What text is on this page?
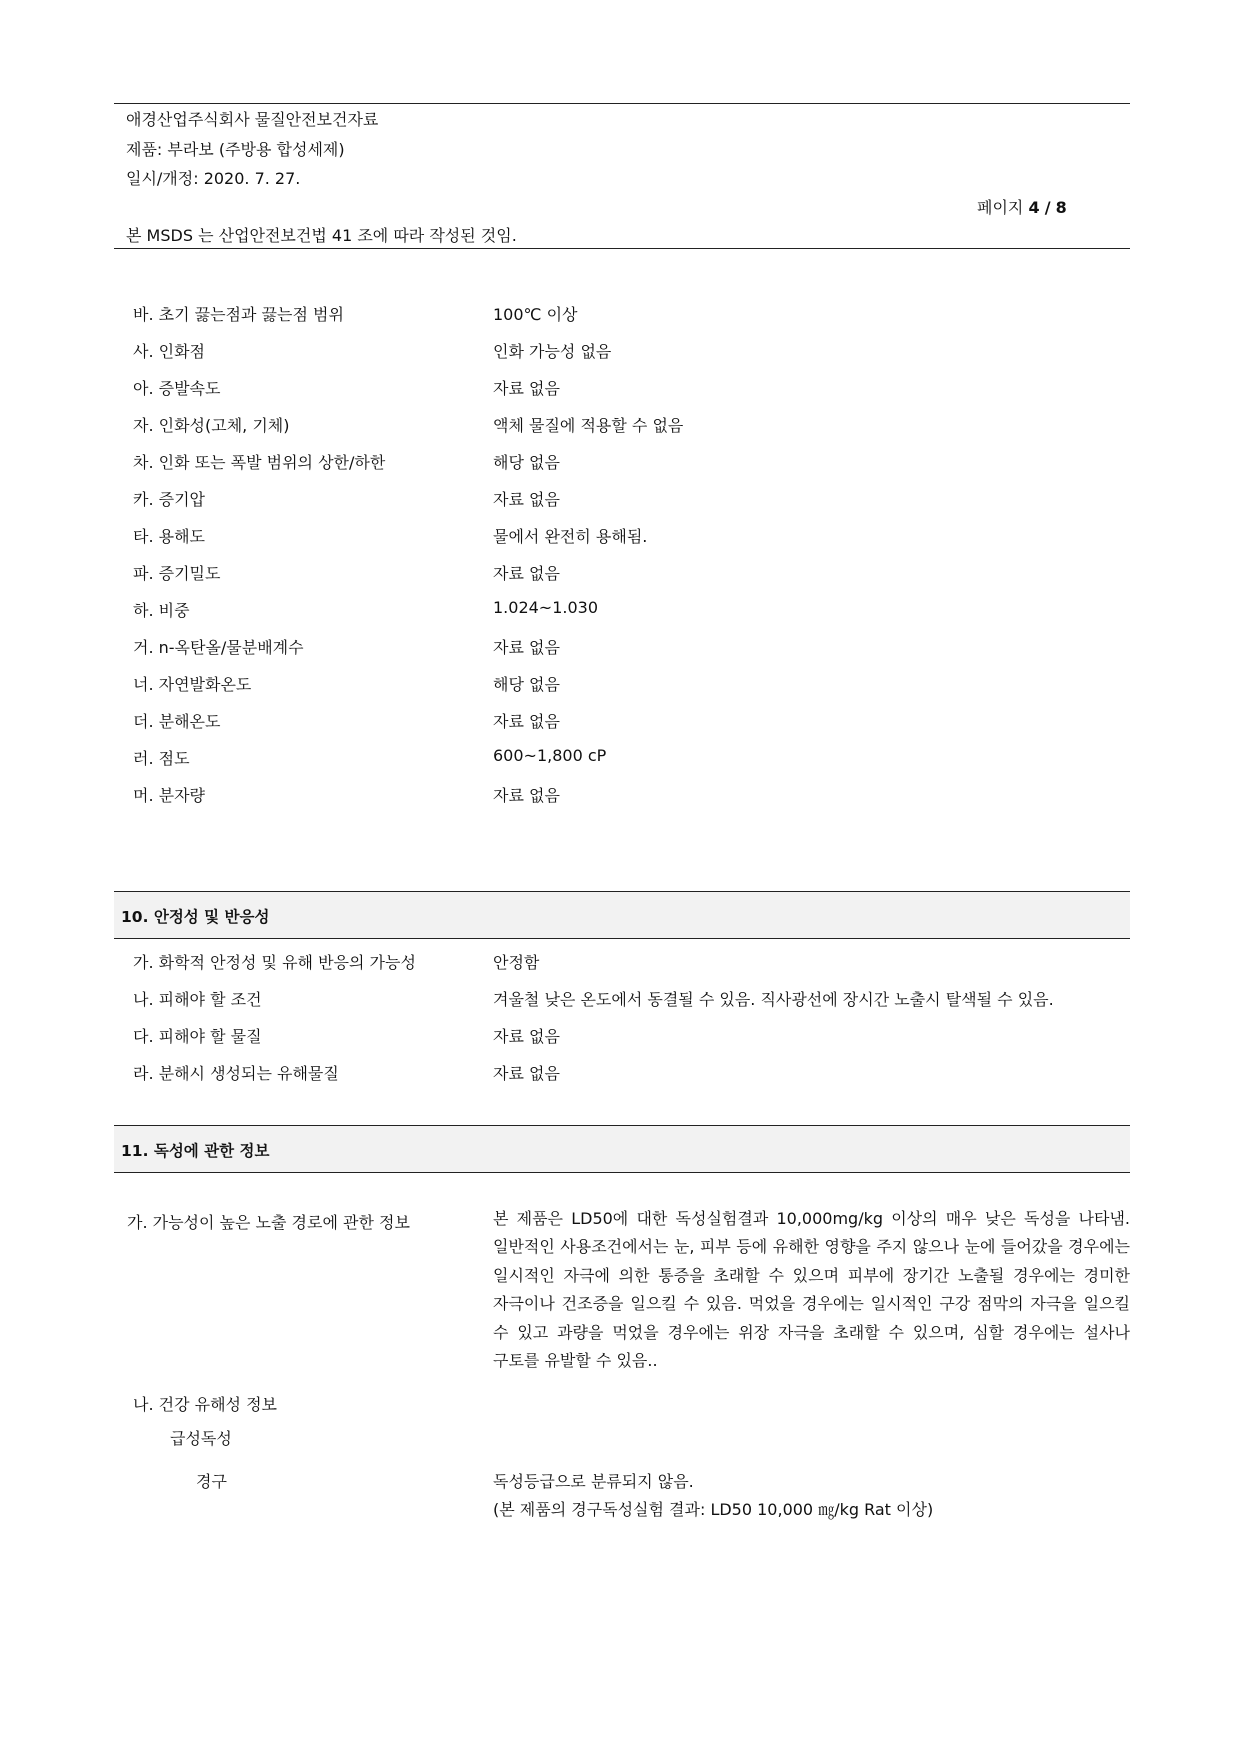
애경산업주식회사 물질안전보건자료
제품: 부라보 (주방용 합성세제)
일시/개정: 2020. 7. 27.
페이지 4 / 8
본 MSDS 는 산업안전보건법 41 조에 따라 작성된 것임.
바. 초기 끓는점과 끓는점 범위	100℃ 이상
사. 인화점	인화 가능성 없음
아. 증발속도	자료 없음
자. 인화성(고체, 기체)	액체 물질에 적용할 수 없음
차. 인화 또는 폭발 범위의 상한/하한	해당 없음
카. 증기압	자료 없음
타. 용해도	물에서 완전히 용해됨.
파. 증기밀도	자료 없음
하. 비중	1.024~1.030
거. n-옥탄올/물분배계수	자료 없음
너. 자연발화온도	해당 없음
더. 분해온도	자료 없음
러. 점도	600~1,800 cP
머. 분자량	자료 없음
10. 안정성 및 반응성
가. 화학적 안정성 및 유해 반응의 가능성	안정함
나. 피해야 할 조건	겨울철 낮은 온도에서 동결될 수 있음. 직사광선에 장시간 노출시 탈색될 수 있음.
다. 피해야 할 물질	자료 없음
라. 분해시 생성되는 유해물질	자료 없음
11. 독성에 관한 정보
가. 가능성이 높은 노출 경로에 관한 정보	본 제품은 LD50에 대한 독성실험결과 10,000mg/kg 이상의 매우 낮은 독성을 나타냄. 일반적인 사용조건에서는 눈, 피부 등에 유해한 영향을 주지 않으나 눈에 들어갔을 경우에는 일시적인 자극에 의한 통증을 초래할 수 있으며 피부에 장기간 노출될 경우에는 경미한 자극이나 건조증을 일으킬 수 있음. 먹었을 경우에는 일시적인 구강 점막의 자극을 일으킬 수 있고 과량을 먹었을 경우에는 위장 자극을 초래할 수 있으며, 심할 경우에는 설사나 구토를 유발할 수 있음..

나. 건강 유해성 정보
급성독성
경구	독성등급으로 분류되지 않음.
(본 제품의 경구독성실험 결과: LD50 10,000 ㎎/kg Rat 이상)
